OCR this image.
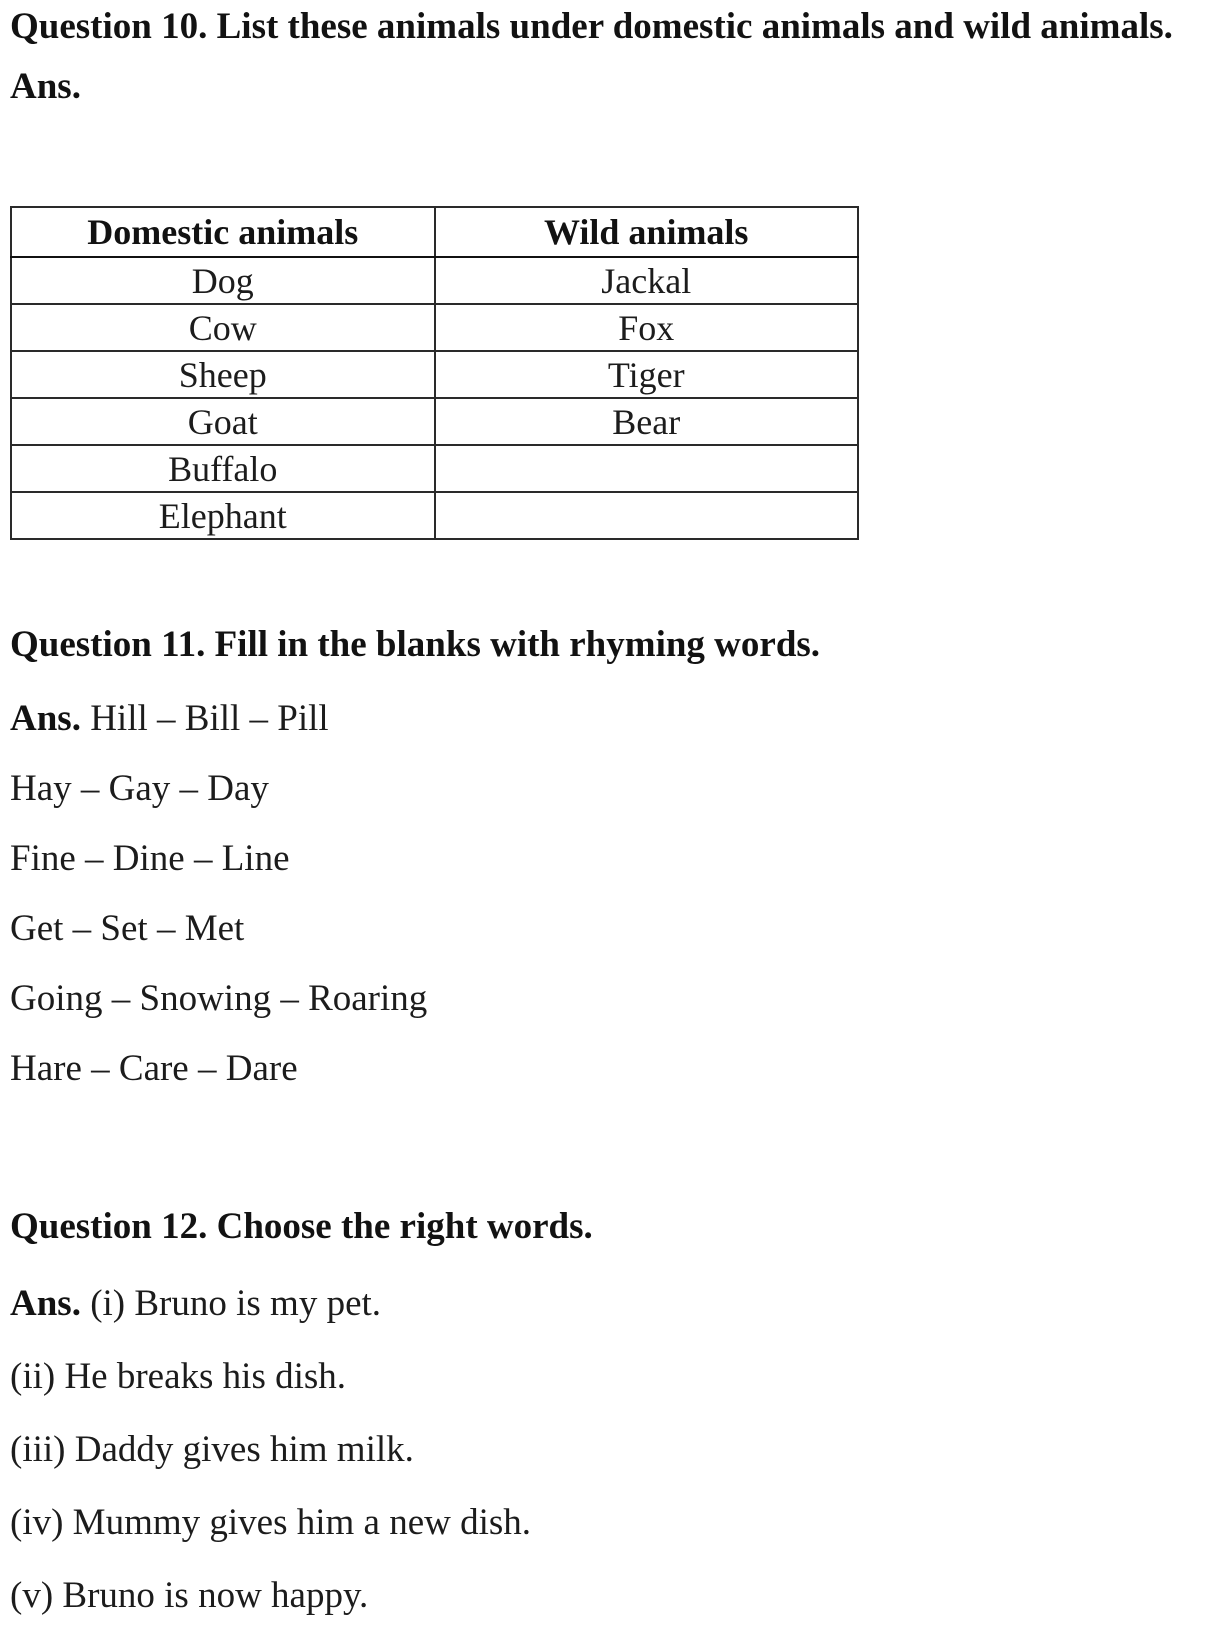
Question 10. List these animals under domestic animals and wild animals.

Ans.

Domestic animals	Wild animals
Dog	Jackal
Cow	Fox
Sheep	Tiger
Goat	Bear
Buffalo	
Elephant	

Question 11. Fill in the blanks with rhyming words.

Ans. Hill – Bill – Pill

Hay – Gay – Day

Fine – Dine – Line

Get – Set – Met

Going – Snowing – Roaring

Hare – Care – Dare

Question 12. Choose the right words.

Ans. (i) Bruno is my pet.

(ii) He breaks his dish.

(iii) Daddy gives him milk.

(iv) Mummy gives him a new dish.

(v) Bruno is now happy.
